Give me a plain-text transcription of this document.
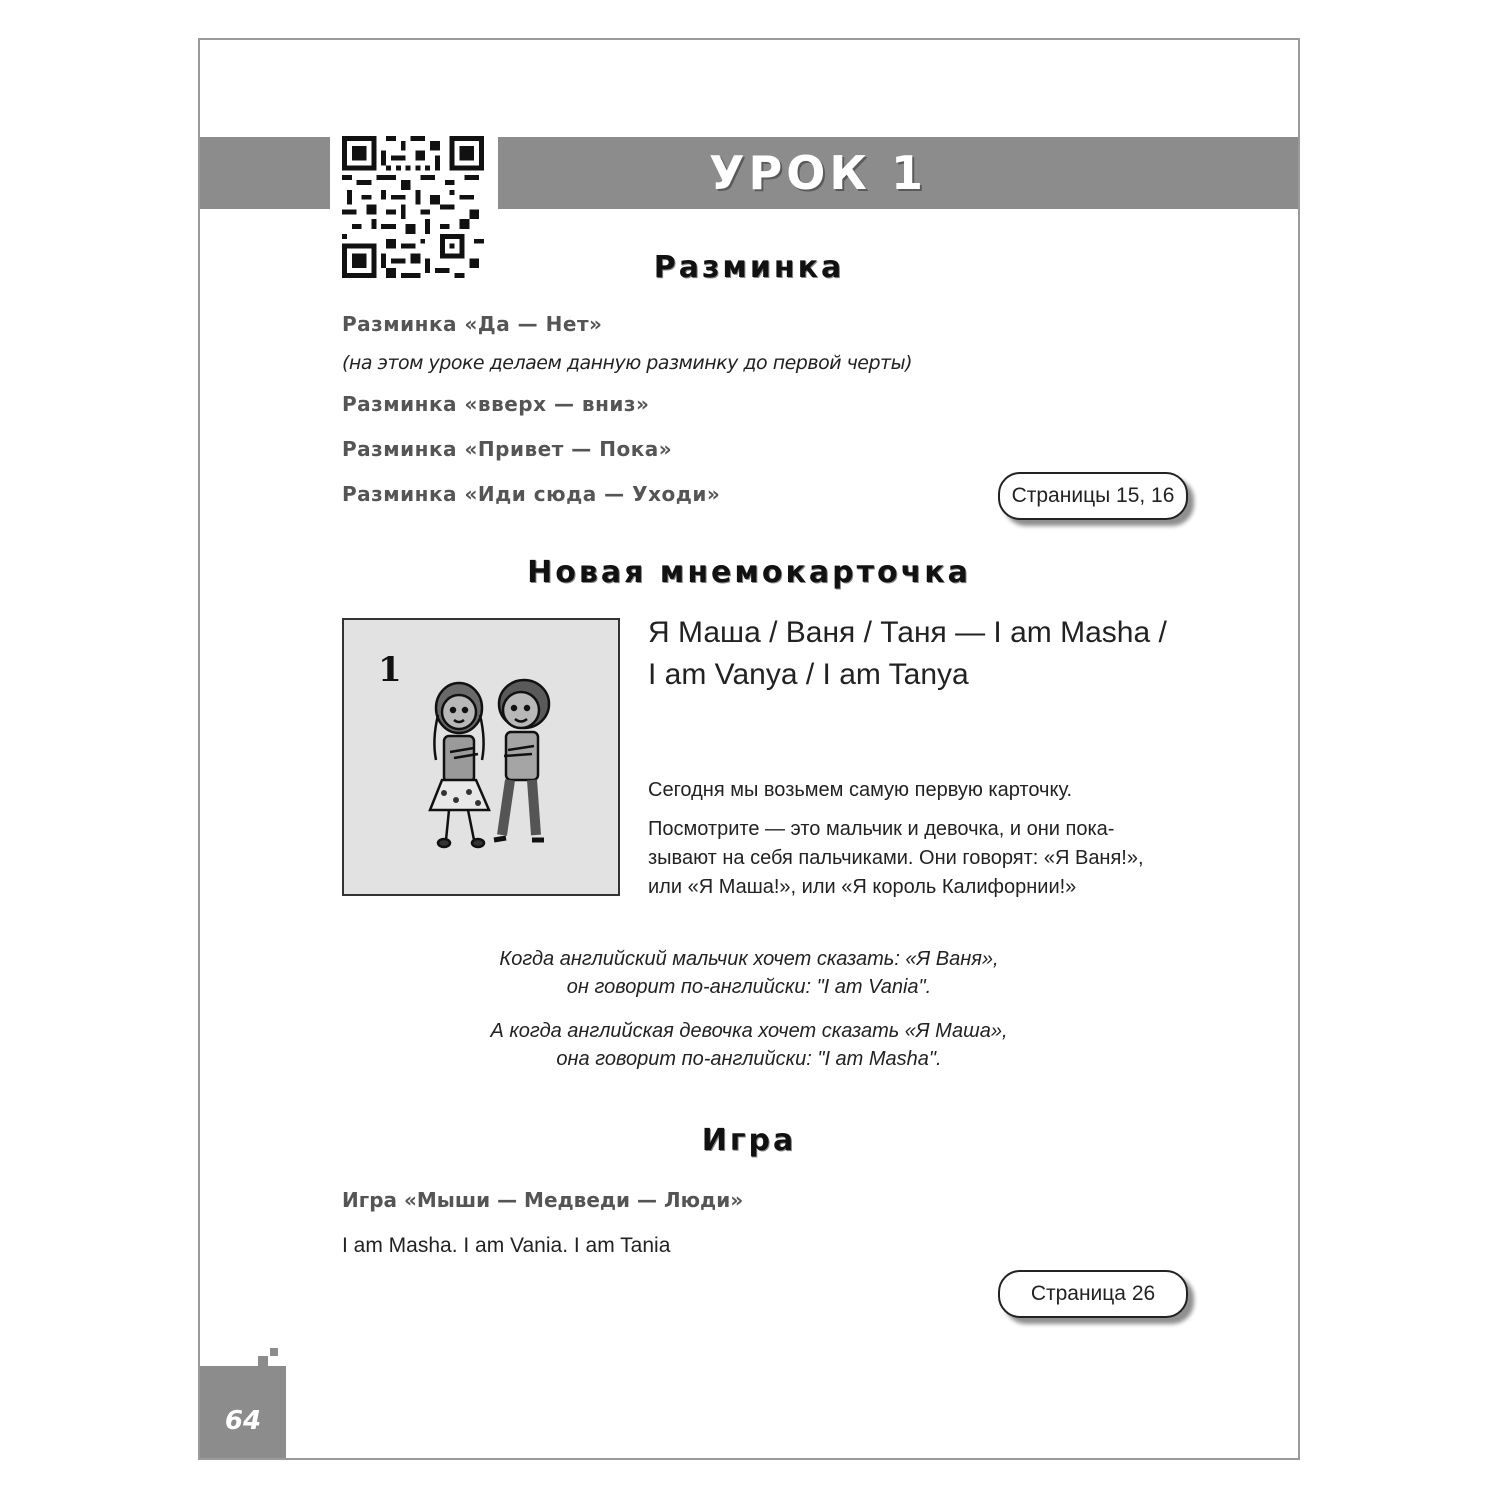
УРОК 1
Разминка
Разминка «Да — Нет»
(на этом уроке делаем данную разминку до первой черты)
Разминка «вверх — вниз»
Разминка «Привет — Пока»
Разминка «Иди сюда — Уходи»	Страницы 15, 16
Новая мнемокарточка
1
Я Маша / Ваня / Таня — I am Masha /
I am Vanya / I am Tanya
Сегодня мы возьмем самую первую карточку.
Посмотрите — это мальчик и девочка, и они пока-
зывают на себя пальчиками. Они говорят: «Я Ваня!»,
или «Я Маша!», или «Я король Калифорнии!»
Когда английский мальчик хочет сказать: «Я Ваня»,
он говорит по-английски: "I am Vania".
А когда английская девочка хочет сказать «Я Маша»,
она говорит по-английски: "I am Masha".
Игра
Игра «Мыши — Медведи — Люди»
I am Masha. I am Vania. I am Tania
Страница 26
64
